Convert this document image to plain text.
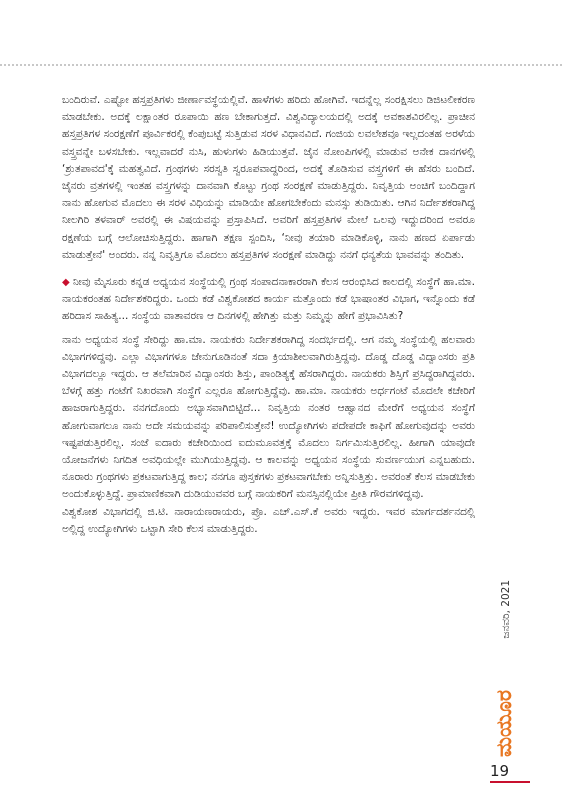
ಬಂದಿರುವೆ. ಎಷ್ಟೋ ಹಸ್ತಪ್ರತಿಗಳು ಜೀರ್ಣಾವಸ್ಥೆಯಲ್ಲಿವೆ. ಹಾಳೆಗಳು ಹರಿದು ಹೋಗಿವೆ. ಇದನ್ನೆಲ್ಲ ಸಂರಕ್ಷಿಸಲು ಡಿಜಿಟಲೀಕರಣ ಮಾಡಬೇಕು. ಅದಕ್ಕೆ ಲಕ್ಷಾಂತರ ರೂಪಾಯಿ ಹಣ ಬೇಕಾಗುತ್ತದೆ. ವಿಶ್ವವಿದ್ಯಾಲಯದಲ್ಲಿ ಅದಕ್ಕೆ ಅವಕಾಶವಿರಲಿಲ್ಲ. ಪ್ರಾಚೀನ ಹಸ್ತಪ್ರತಿಗಳ ಸಂರಕ್ಷಣೆಗೆ ಪೂರ್ವಿಕರಲ್ಲಿ ಕೆಂಪುಬಟ್ಟೆ ಸುತ್ತಿಡುವ ಸರಳ ವಿಧಾನವಿದೆ. ಗಂಜಿಯ ಲವಲೇಶವೂ ಇಲ್ಲದಂತಹ ಅರಳೆಯ ವಸ್ತ್ರವನ್ನೇ ಬಳಸಬೇಕು. ಇಲ್ಲವಾದರೆ ನುಸಿ, ಹುಳುಗಳು ಹಿಡಿಯುತ್ತವೆ. ಜೈನ ನೋಂಪಿಗಳಲ್ಲಿ ಮಾಡುವ ಅನೇಕ ದಾನಗಳಲ್ಲಿ ‘ಶ್ರುತಪಾವದ'ಕ್ಕೆ ಮಹತ್ವವಿದೆ. ಗ್ರಂಥಗಳು ಸರಸ್ವತಿ ಸ್ವರೂಪವಾದ್ದರಿಂದ, ಅದಕ್ಕೆ ತೊಡಿಸುವ ವಸ್ತ್ರಗಳಿಗೆ ಈ ಹೆಸರು ಬಂದಿದೆ. ಜೈನರು ವ್ರತಗಳಲ್ಲಿ ಇಂತಹ ವಸ್ತ್ರಗಳನ್ನು ದಾನವಾಗಿ ಕೊಟ್ಟು ಗ್ರಂಥ ಸಂರಕ್ಷಣೆ ಮಾಡುತ್ತಿದ್ದರು. ನಿವೃತ್ತಿಯ ಅಂಚಿಗೆ ಬಂದಿದ್ದಾಗ ನಾನು ಹೋಗುವ ಮೊದಲು ಈ ಸರಳ ವಿಧಿಯನ್ನು ಮಾಡಿಯೇ ಹೋಗಬೇಕೆಂದು ಮನಸ್ಸು ತುಡಿಯಿತು. ಆಗಿನ ನಿರ್ದೇಶಕರಾಗಿದ್ದ ನೀಲಗಿರಿ ತಳವಾರ್ ಅವರಲ್ಲಿ ಈ ವಿಷಯವನ್ನು ಪ್ರಸ್ತಾಪಿಸಿದೆ. ಅವರಿಗೆ ಹಸ್ತಪ್ರತಿಗಳ ಮೇಲೆ ಒಲವು ಇದ್ದುದರಿಂದ ಅವರೂ ರಕ್ಷಣೆಯ ಬಗ್ಗೆ ಆಲೋಚಿಸುತ್ತಿದ್ದರು. ಹಾಗಾಗಿ ತಕ್ಷಣ ಸ್ಪಂದಿಸಿ, ‘ನೀವು ತಯಾರಿ ಮಾಡಿಕೊಳ್ಳಿ, ನಾನು ಹಣದ ಏರ್ಪಾಡು ಮಾಡುತ್ತೇನೆ' ಅಂದರು. ನನ್ನ ನಿವೃತ್ತಿಗೂ ಮೊದಲು ಹಸ್ತಪ್ರತಿಗಳ ಸಂರಕ್ಷಣೆ ಮಾಡಿದ್ದು ನನಗೆ ಧನ್ಯತೆಯ ಭಾವವನ್ನು ತಂದಿತು.

◆ ನೀವು ಮೈಸೂರು ಕನ್ನಡ ಅಧ್ಯಯನ ಸಂಸ್ಥೆಯಲ್ಲಿ ಗ್ರಂಥ ಸಂಪಾದನಾಕಾರರಾಗಿ ಕೆಲಸ ಆರಂಭಿಸಿದ ಕಾಲದಲ್ಲಿ ಸಂಸ್ಥೆಗೆ ಹಾ.ಮಾ. ನಾಯಕರಂತಹ ನಿರ್ದೇಶಕರಿದ್ದರು. ಒಂದು ಕಡೆ ವಿಶ್ವಕೋಶದ ಕಾರ್ಯ ಮತ್ತೊಂದು ಕಡೆ ಭಾಷಾಂತರ ವಿಭಾಗ, ಇನ್ನೊಂದು ಕಡೆ ಹರಿದಾಸ ಸಾಹಿತ್ಯ... ಸಂಸ್ಥೆಯ ವಾತಾವರಣ ಆ ದಿನಗಳಲ್ಲಿ ಹೇಗಿತ್ತು ಮತ್ತು ನಿಮ್ಮನ್ನು ಹೇಗೆ ಪ್ರಭಾವಿಸಿತು?

ನಾನು ಅಧ್ಯಯನ ಸಂಸ್ಥೆ ಸೇರಿದ್ದು ಹಾ.ಮಾ. ನಾಯಕರು ನಿರ್ದೇಶಕರಾಗಿದ್ದ ಸಂದರ್ಭದಲ್ಲಿ. ಆಗ ನಮ್ಮ ಸಂಸ್ಥೆಯಲ್ಲಿ ಹಲವಾರು ವಿಭಾಗಗಳಿದ್ದವು. ಎಲ್ಲಾ ವಿಭಾಗಗಳೂ ಜೇನುಗೂಡಿನಂತೆ ಸದಾ ಕ್ರಿಯಾಶೀಲವಾಗಿರುತ್ತಿದ್ದವು. ದೊಡ್ಡ ದೊಡ್ಡ ವಿದ್ವಾಂಸರು ಪ್ರತಿ ವಿಭಾಗದಲ್ಲೂ ಇದ್ದರು. ಆ ತಲೆಮಾರಿನ ವಿದ್ವಾಂಸರು ಶಿಸ್ತು, ಪಾಂಡಿತ್ಯಕ್ಕೆ ಹೆಸರಾಗಿದ್ದರು. ನಾಯಕರು ಶಿಸ್ತಿಗೆ ಪ್ರಸಿದ್ಧರಾಗಿದ್ದವರು. ಬೆಳಗ್ಗೆ ಹತ್ತು ಗಂಟೆಗೆ ನಿಖರವಾಗಿ ಸಂಸ್ಥೆಗೆ ಎಲ್ಲರೂ ಹೋಗುತ್ತಿದ್ದೆವು. ಹಾ.ಮಾ. ನಾಯಕರು ಅರ್ಧಗಂಟೆ ಮೊದಲೇ ಕಚೇರಿಗೆ ಹಾಜರಾಗುತ್ತಿದ್ದರು. ನನಗದೊಂದು ಅಭ್ಯಾಸವಾಗಿಬಿಟ್ಟಿದೆ... ನಿವೃತ್ತಿಯ ನಂತರ ಆಹ್ವಾನದ ಮೇರೆಗೆ ಅಧ್ಯಯನ ಸಂಸ್ಥೆಗೆ ಹೋಗುವಾಗಲೂ ನಾನು ಅದೇ ಸಮಯವನ್ನು ಪರಿಪಾಲಿಸುತ್ತೇನೆ! ಉದ್ಯೋಗಿಗಳು ಪದೇಪದೇ ಕಾಫಿಗೆ ಹೋಗುವುದನ್ನು ಅವರು ಇಷ್ಟಪಡುತ್ತಿರಲಿಲ್ಲ. ಸಂಜೆ ಐದಾರು ಕಚೇರಿಯಿಂದ ಐದುಮೂವತ್ತಕ್ಕೆ ಮೊದಲು ನಿರ್ಗಮಿಸುತ್ತಿರಲಿಲ್ಲ. ಹೀಗಾಗಿ ಯಾವುದೇ ಯೋಜನೆಗಳು ನಿಗದಿತ ಅವಧಿಯಲ್ಲೇ ಮುಗಿಯುತ್ತಿದ್ದವು. ಆ ಕಾಲವನ್ನು ಅಧ್ಯಯನ ಸಂಸ್ಥೆಯ ಸುವರ್ಣಯುಗ ಎನ್ನಬಹುದು. ನೂರಾರು ಗ್ರಂಥಗಳು ಪ್ರಕಟವಾಗುತ್ತಿದ್ದ ಕಾಲ; ನನಗೂ ಪುಸ್ತಕಗಳು ಪ್ರಕಟವಾಗಬೇಕು ಅನ್ನಿಸುತ್ತಿತ್ತು. ಅವರಂತೆ ಕೆಲಸ ಮಾಡಬೇಕು ಅಂದುಕೊಳ್ಳುತ್ತಿದ್ದೆ. ಪ್ರಾಮಾಣಿಕವಾಗಿ ದುಡಿಯುವವರ ಬಗ್ಗೆ ನಾಯಕರಿಗೆ ಮನಸ್ಸಿನಲ್ಲಿಯೇ ಪ್ರೀತಿ ಗೌರವಗಳಿದ್ದವು.

ವಿಶ್ವಕೋಶ ವಿಭಾಗದಲ್ಲಿ ಜಿ.ಟಿ. ನಾರಾಯಣರಾಯರು, ಪ್ರೊ. ಎಚ್.ಎಸ್.ಕೆ ಅವರು ಇದ್ದರು. ಇವರ ಮಾರ್ಗದರ್ಶನದಲ್ಲಿ ಅಲ್ಲಿದ್ದ ಉದ್ಯೋಗಿಗಳು ಒಟ್ಟಾಗಿ ಸೇರಿ ಕೆಲಸ ಮಾಡುತ್ತಿದ್ದರು.

ಜನವರಿ, 2021
ಮಯೂರ
19
